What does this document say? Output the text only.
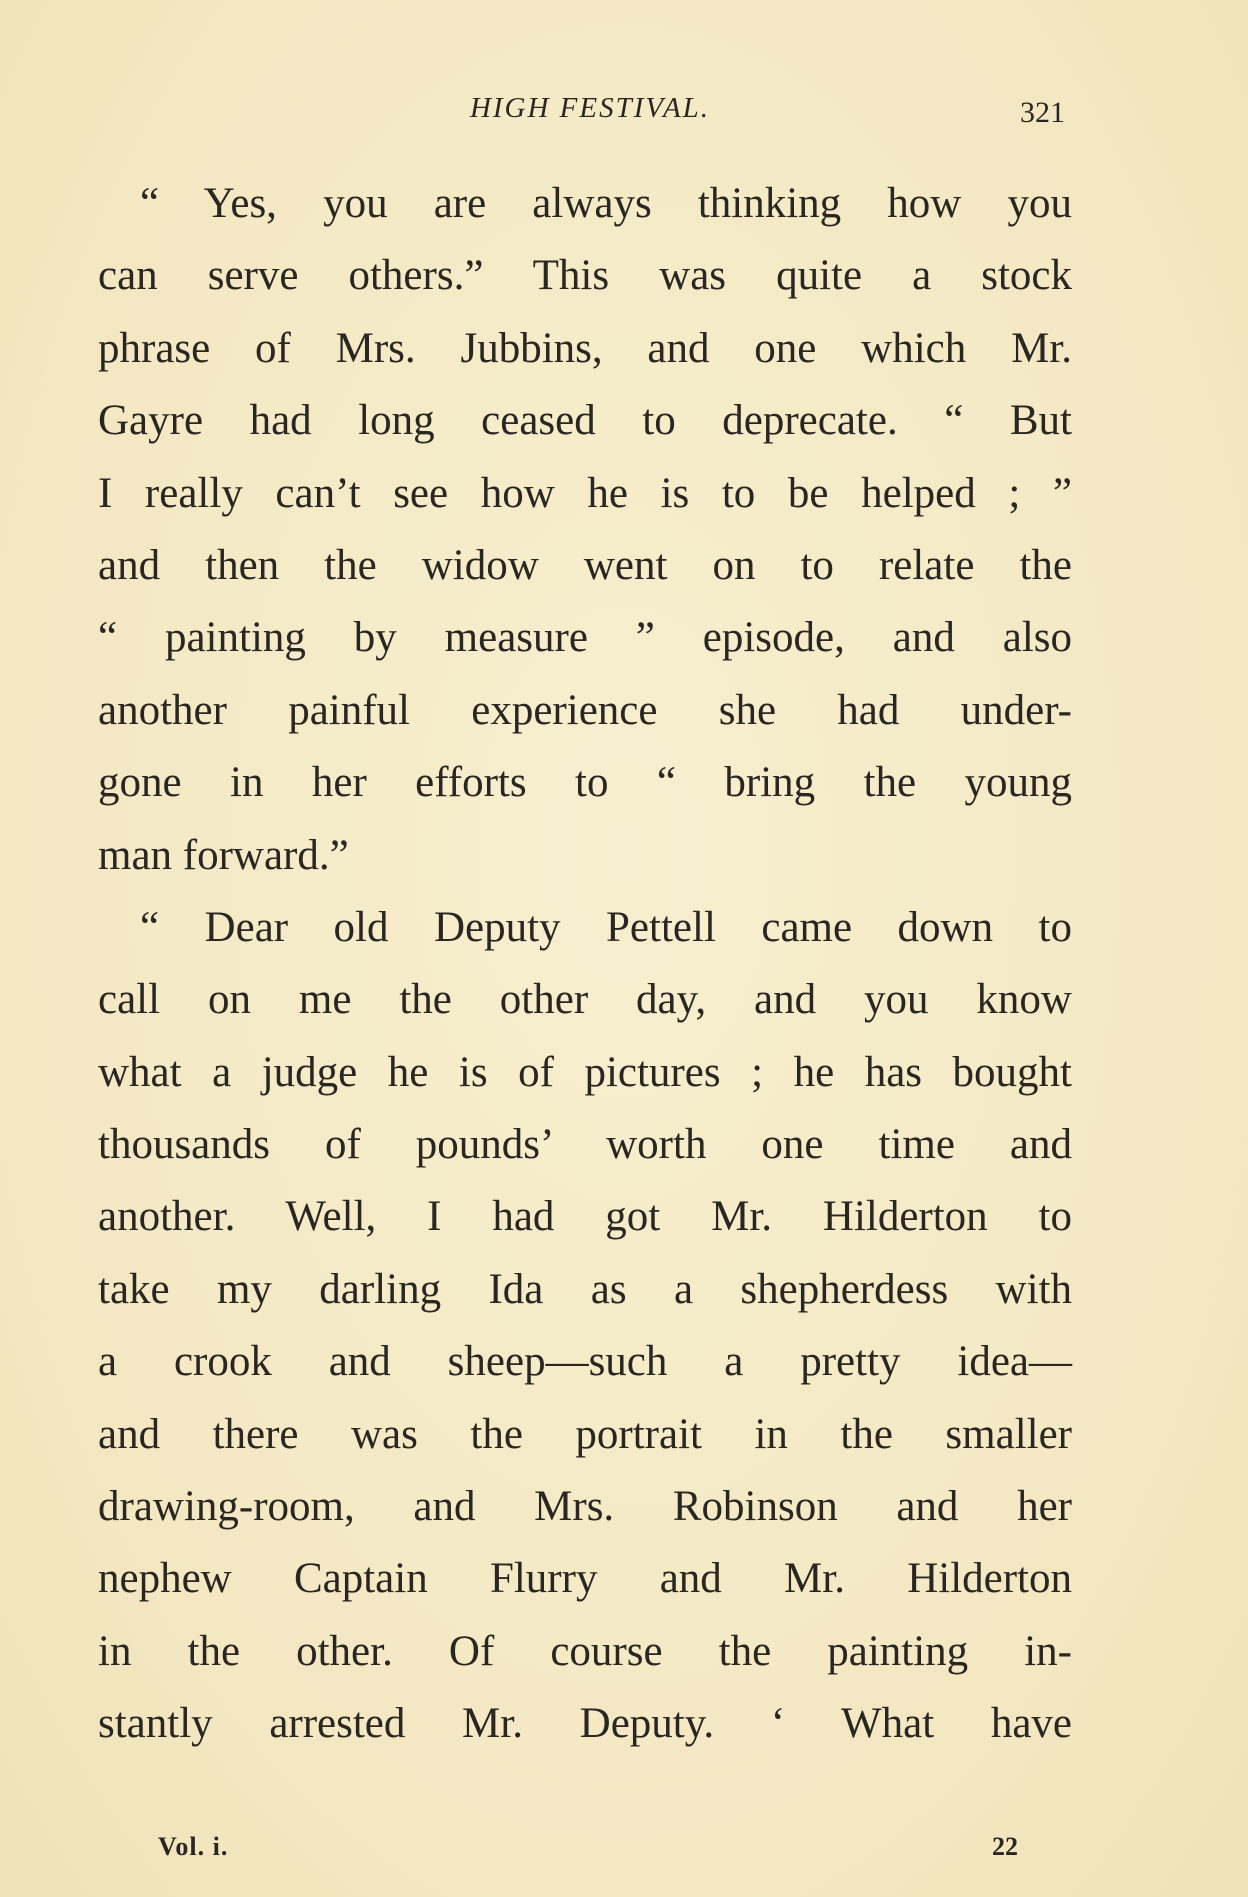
HIGH FESTIVAL.	321
“ Yes, you are always thinking how you
can serve others.” This was quite a stock
phrase of Mrs. Jubbins, and one which Mr.
Gayre had long ceased to deprecate. “ But
I really can’t see how he is to be helped ; ”
and then the widow went on to relate the
“ painting by measure ” episode, and also
another painful experience she had under-
gone in her efforts to “ bring the young
man forward.”
“ Dear old Deputy Pettell came down to
call on me the other day, and you know
what a judge he is of pictures ; he has bought
thousands of pounds’ worth one time and
another. Well, I had got Mr. Hilderton to
take my darling Ida as a shepherdess with
a crook and sheep—such a pretty idea—
and there was the portrait in the smaller
drawing-room, and Mrs. Robinson and her
nephew Captain Flurry and Mr. Hilderton
in the other. Of course the painting in-
stantly arrested Mr. Deputy. ‘ What have
Vol. i.	22
